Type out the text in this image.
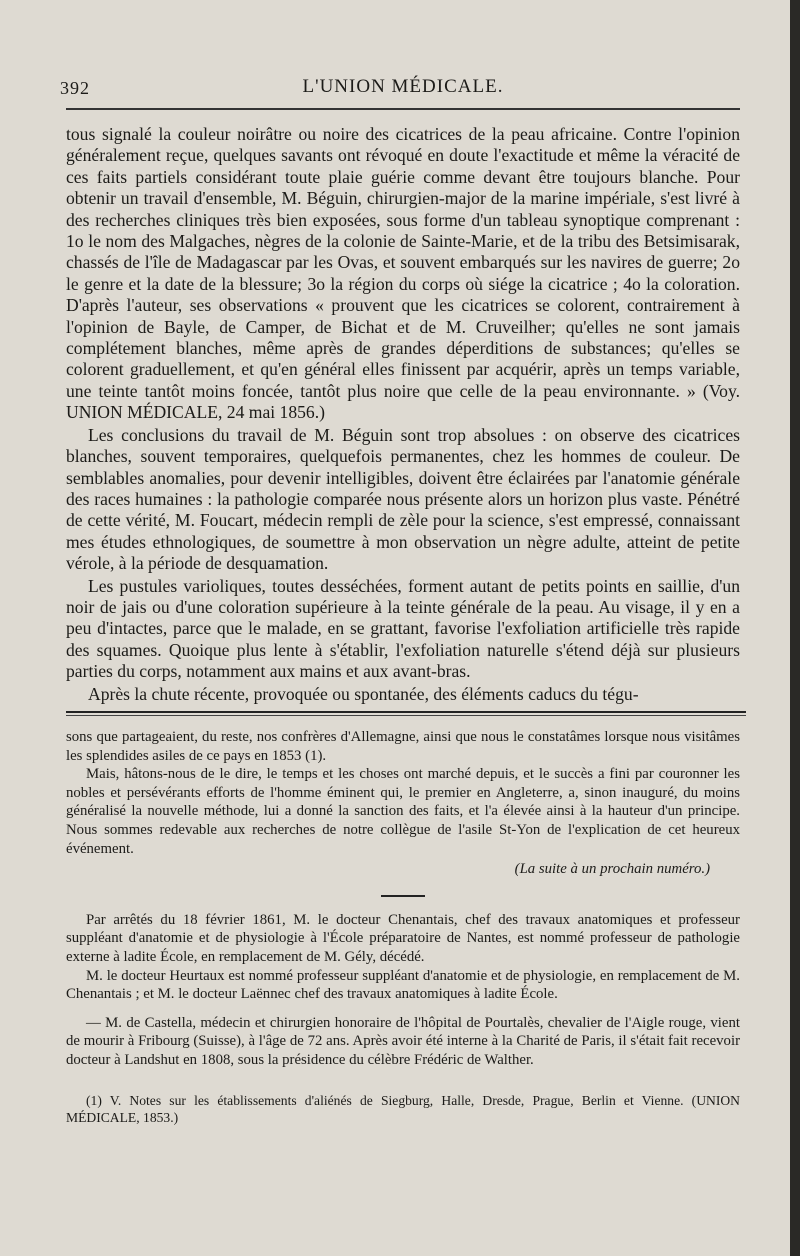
392	L'UNION MÉDICALE.

tous signalé la couleur noirâtre ou noire des cicatrices de la peau africaine. Contre l'opinion généralement reçue, quelques savants ont révoqué en doute l'exactitude et même la véracité de ces faits partiels considérant toute plaie guérie comme devant être toujours blanche. Pour obtenir un travail d'ensemble, M. Béguin, chirurgien-major de la marine impériale, s'est livré à des recherches cliniques très bien exposées, sous forme d'un tableau synoptique comprenant : 1o le nom des Malgaches, nègres de la colonie de Sainte-Marie, et de la tribu des Betsimisarak, chassés de l'île de Madagascar par les Ovas, et souvent embarqués sur les navires de guerre; 2o le genre et la date de la blessure; 3o la région du corps où siége la cicatrice ; 4o la coloration. D'après l'auteur, ses observations « prouvent que les cicatrices se colorent, contrairement à l'opinion de Bayle, de Camper, de Bichat et de M. Cruveilher; qu'elles ne sont jamais complétement blanches, même après de grandes déperditions de substances; qu'elles se colorent graduellement, et qu'en général elles finissent par acquérir, après un temps variable, une teinte tantôt moins foncée, tantôt plus noire que celle de la peau environnante. » (Voy. UNION MÉDICALE, 24 mai 1856.)

Les conclusions du travail de M. Béguin sont trop absolues : on observe des cicatrices blanches, souvent temporaires, quelquefois permanentes, chez les hommes de couleur. De semblables anomalies, pour devenir intelligibles, doivent être éclairées par l'anatomie générale des races humaines : la pathologie comparée nous présente alors un horizon plus vaste. Pénétré de cette vérité, M. Foucart, médecin rempli de zèle pour la science, s'est empressé, connaissant mes études ethnologiques, de soumettre à mon observation un nègre adulte, atteint de petite vérole, à la période de desquamation.

Les pustules varioliques, toutes desséchées, forment autant de petits points en saillie, d'un noir de jais ou d'une coloration supérieure à la teinte générale de la peau. Au visage, il y en a peu d'intactes, parce que le malade, en se grattant, favorise l'exfoliation artificielle très rapide des squames. Quoique plus lente à s'établir, l'exfoliation naturelle s'étend déjà sur plusieurs parties du corps, notamment aux mains et aux avant-bras.

Après la chute récente, provoquée ou spontanée, des éléments caducs du tégu-

sons que partageaient, du reste, nos confrères d'Allemagne, ainsi que nous le constatâmes lorsque nous visitâmes les splendides asiles de ce pays en 1853 (1).

Mais, hâtons-nous de le dire, le temps et les choses ont marché depuis, et le succès a fini par couronner les nobles et persévérants efforts de l'homme éminent qui, le premier en Angleterre, a, sinon inauguré, du moins généralisé la nouvelle méthode, lui a donné la sanction des faits, et l'a élevée ainsi à la hauteur d'un principe. Nous sommes redevable aux recherches de notre collègue de l'asile St-Yon de l'explication de cet heureux événement.

(La suite à un prochain numéro.)

Par arrêtés du 18 février 1861, M. le docteur Chenantais, chef des travaux anatomiques et professeur suppléant d'anatomie et de physiologie à l'École préparatoire de Nantes, est nommé professeur de pathologie externe à ladite École, en remplacement de M. Gély, décédé.

M. le docteur Heurtaux est nommé professeur suppléant d'anatomie et de physiologie, en remplacement de M. Chenantais ; et M. le docteur Laënnec chef des travaux anatomiques à ladite École.

— M. de Castella, médecin et chirurgien honoraire de l'hôpital de Pourtalès, chevalier de l'Aigle rouge, vient de mourir à Fribourg (Suisse), à l'âge de 72 ans. Après avoir été interne à la Charité de Paris, il s'était fait recevoir docteur à Landshut en 1808, sous la présidence du célèbre Frédéric de Walther.

(1) V. Notes sur les établissements d'aliénés de Siegburg, Halle, Dresde, Prague, Berlin et Vienne. (UNION MÉDICALE, 1853.)
